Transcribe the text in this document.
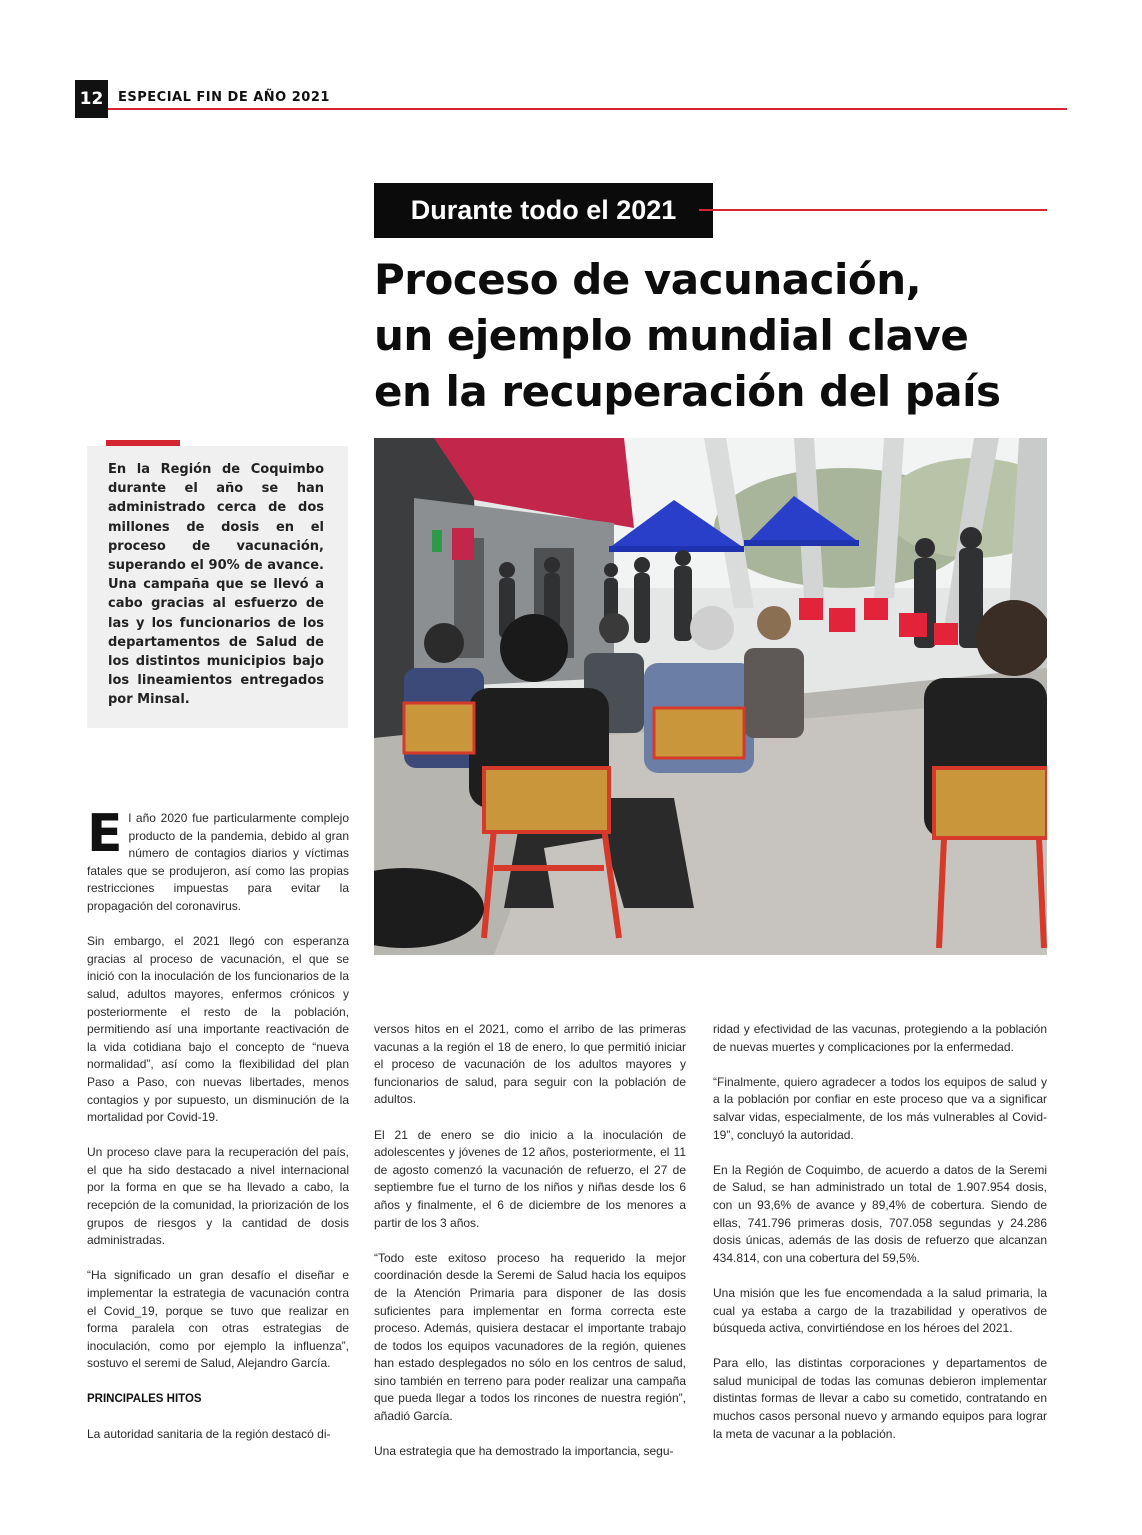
12	ESPECIAL FIN DE AÑO 2021
Durante todo el 2021
Proceso de vacunación,
un ejemplo mundial clave
en la recuperación del país

En la Región de Coquimbo durante el año se han administrado cerca de dos millones de dosis en el proceso de vacunación, superando el 90% de avance. Una campaña que se llevó a cabo gracias al esfuerzo de las y los funcionarios de los departamentos de Salud de los distintos municipios bajo los lineamientos entregados por Minsal.

El año 2020 fue particularmente complejo producto de la pandemia, debido al gran número de contagios diarios y víctimas fatales que se produjeron, así como las propias restricciones impuestas para evitar la propagación del coronavirus.

Sin embargo, el 2021 llegó con esperanza gracias al proceso de vacunación, el que se inició con la inoculación de los funcionarios de la salud, adultos mayores, enfermos crónicos y posteriormente el resto de la población, permitiendo así una importante reactivación de la vida cotidiana bajo el concepto de “nueva normalidad”, así como la flexibilidad del plan Paso a Paso, con nuevas libertades, menos contagios y por supuesto, un disminución de la mortalidad por Covid-19.

Un proceso clave para la recuperación del país, el que ha sido destacado a nivel internacional por la forma en que se ha llevado a cabo, la recepción de la comunidad, la priorización de los grupos de riesgos y la cantidad de dosis administradas.

“Ha significado un gran desafío el diseñar e implementar la estrategia de vacunación contra el Covid_19, porque se tuvo que realizar en forma paralela con otras estrategias de inoculación, como por ejemplo la influenza”, sostuvo el seremi de Salud, Alejandro García.

PRINCIPALES HITOS

La autoridad sanitaria de la región destacó di-

versos hitos en el 2021, como el arribo de las primeras vacunas a la región el 18 de enero, lo que permitió iniciar el proceso de vacunación de los adultos mayores y funcionarios de salud, para seguir con la población de adultos.

El 21 de enero se dio inicio a la inoculación de adolescentes y jóvenes de 12 años, posteriormente, el 11 de agosto comenzó la vacunación de refuerzo, el 27 de septiembre fue el turno de los niños y niñas desde los 6 años y finalmente, el 6 de diciembre de los menores a partir de los 3 años.

“Todo este exitoso proceso ha requerido la mejor coordinación desde la Seremi de Salud hacia los equipos de la Atención Primaria para disponer de las dosis suficientes para implementar en forma correcta este proceso. Además, quisiera destacar el importante trabajo de todos los equipos vacunadores de la región, quienes han estado desplegados no sólo en los centros de salud, sino también en terreno para poder realizar una campaña que pueda llegar a todos los rincones de nuestra región”, añadió García.

Una estrategia que ha demostrado la importancia, segu-

ridad y efectividad de las vacunas, protegiendo a la población de nuevas muertes y complicaciones por la enfermedad.

“Finalmente, quiero agradecer a todos los equipos de salud y a la población por confiar en este proceso que va a significar salvar vidas, especialmente, de los más vulnerables al Covid-19”, concluyó la autoridad.

En la Región de Coquimbo, de acuerdo a datos de la Seremi de Salud, se han administrado un total de 1.907.954 dosis, con un 93,6% de avance y 89,4% de cobertura. Siendo de ellas, 741.796 primeras dosis, 707.058 segundas y 24.286 dosis únicas, además de las dosis de refuerzo que alcanzan 434.814, con una cobertura del 59,5%.

Una misión que les fue encomendada a la salud primaria, la cual ya estaba a cargo de la trazabilidad y operativos de búsqueda activa, convirtiéndose en los héroes del 2021.

Para ello, las distintas corporaciones y departamentos de salud municipal de todas las comunas debieron implementar distintas formas de llevar a cabo su cometido, contratando en muchos casos personal nuevo y armando equipos para lograr la meta de vacunar a la población.
